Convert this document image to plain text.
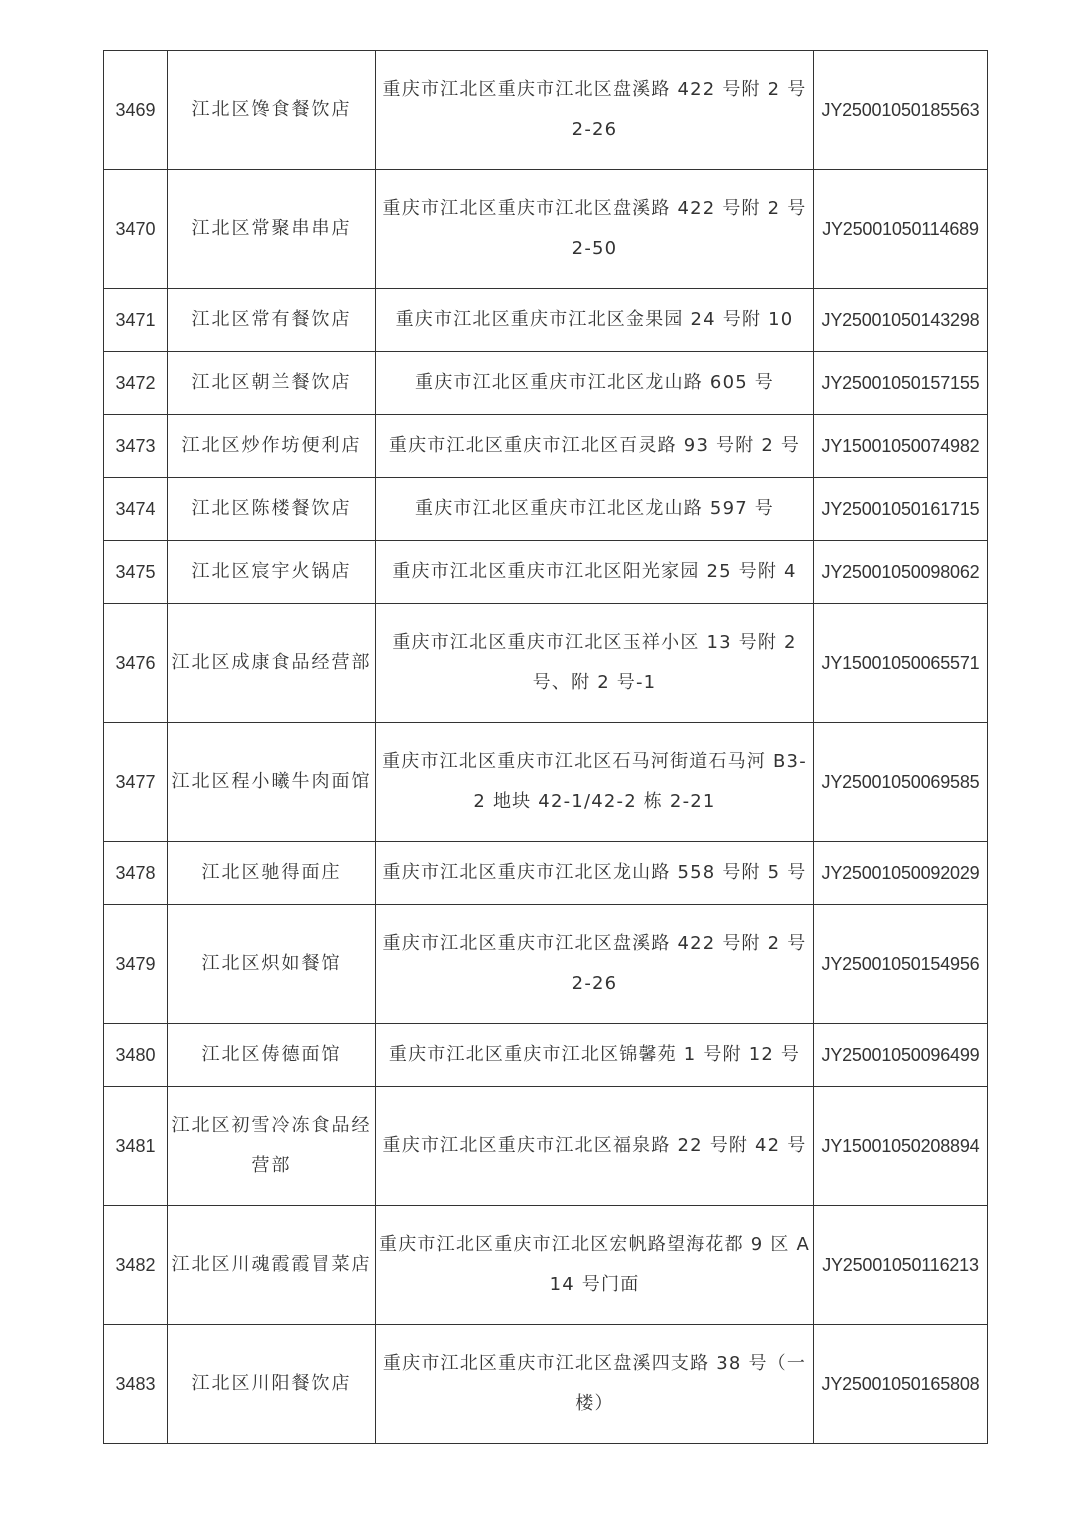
3469	江北区馋食餐饮店	重庆市江北区重庆市江北区盘溪路 422 号附 2 号 2-26	JY25001050185563
3470	江北区常聚串串店	重庆市江北区重庆市江北区盘溪路 422 号附 2 号 2-50	JY25001050114689
3471	江北区常有餐饮店	重庆市江北区重庆市江北区金果园 24 号附 10	JY25001050143298
3472	江北区朝兰餐饮店	重庆市江北区重庆市江北区龙山路 605 号	JY25001050157155
3473	江北区炒作坊便利店	重庆市江北区重庆市江北区百灵路 93 号附 2 号	JY15001050074982
3474	江北区陈楼餐饮店	重庆市江北区重庆市江北区龙山路 597 号	JY25001050161715
3475	江北区宸宇火锅店	重庆市江北区重庆市江北区阳光家园 25 号附 4	JY25001050098062
3476	江北区成康食品经营部	重庆市江北区重庆市江北区玉祥小区 13 号附 2 号、附 2 号-1	JY15001050065571
3477	江北区程小曦牛肉面馆	重庆市江北区重庆市江北区石马河街道石马河 B3-2 地块 42-1/42-2 栋 2-21	JY25001050069585
3478	江北区驰得面庄	重庆市江北区重庆市江北区龙山路 558 号附 5 号	JY25001050092029
3479	江北区炽如餐馆	重庆市江北区重庆市江北区盘溪路 422 号附 2 号 2-26	JY25001050154956
3480	江北区俦德面馆	重庆市江北区重庆市江北区锦馨苑 1 号附 12 号	JY25001050096499
3481	江北区初雪冷冻食品经营部	重庆市江北区重庆市江北区福泉路 22 号附 42 号	JY15001050208894
3482	江北区川魂霞霞冒菜店	重庆市江北区重庆市江北区宏帆路望海花都 9 区 A14 号门面	JY25001050116213
3483	江北区川阳餐饮店	重庆市江北区重庆市江北区盘溪四支路 38 号（一楼）	JY25001050165808
